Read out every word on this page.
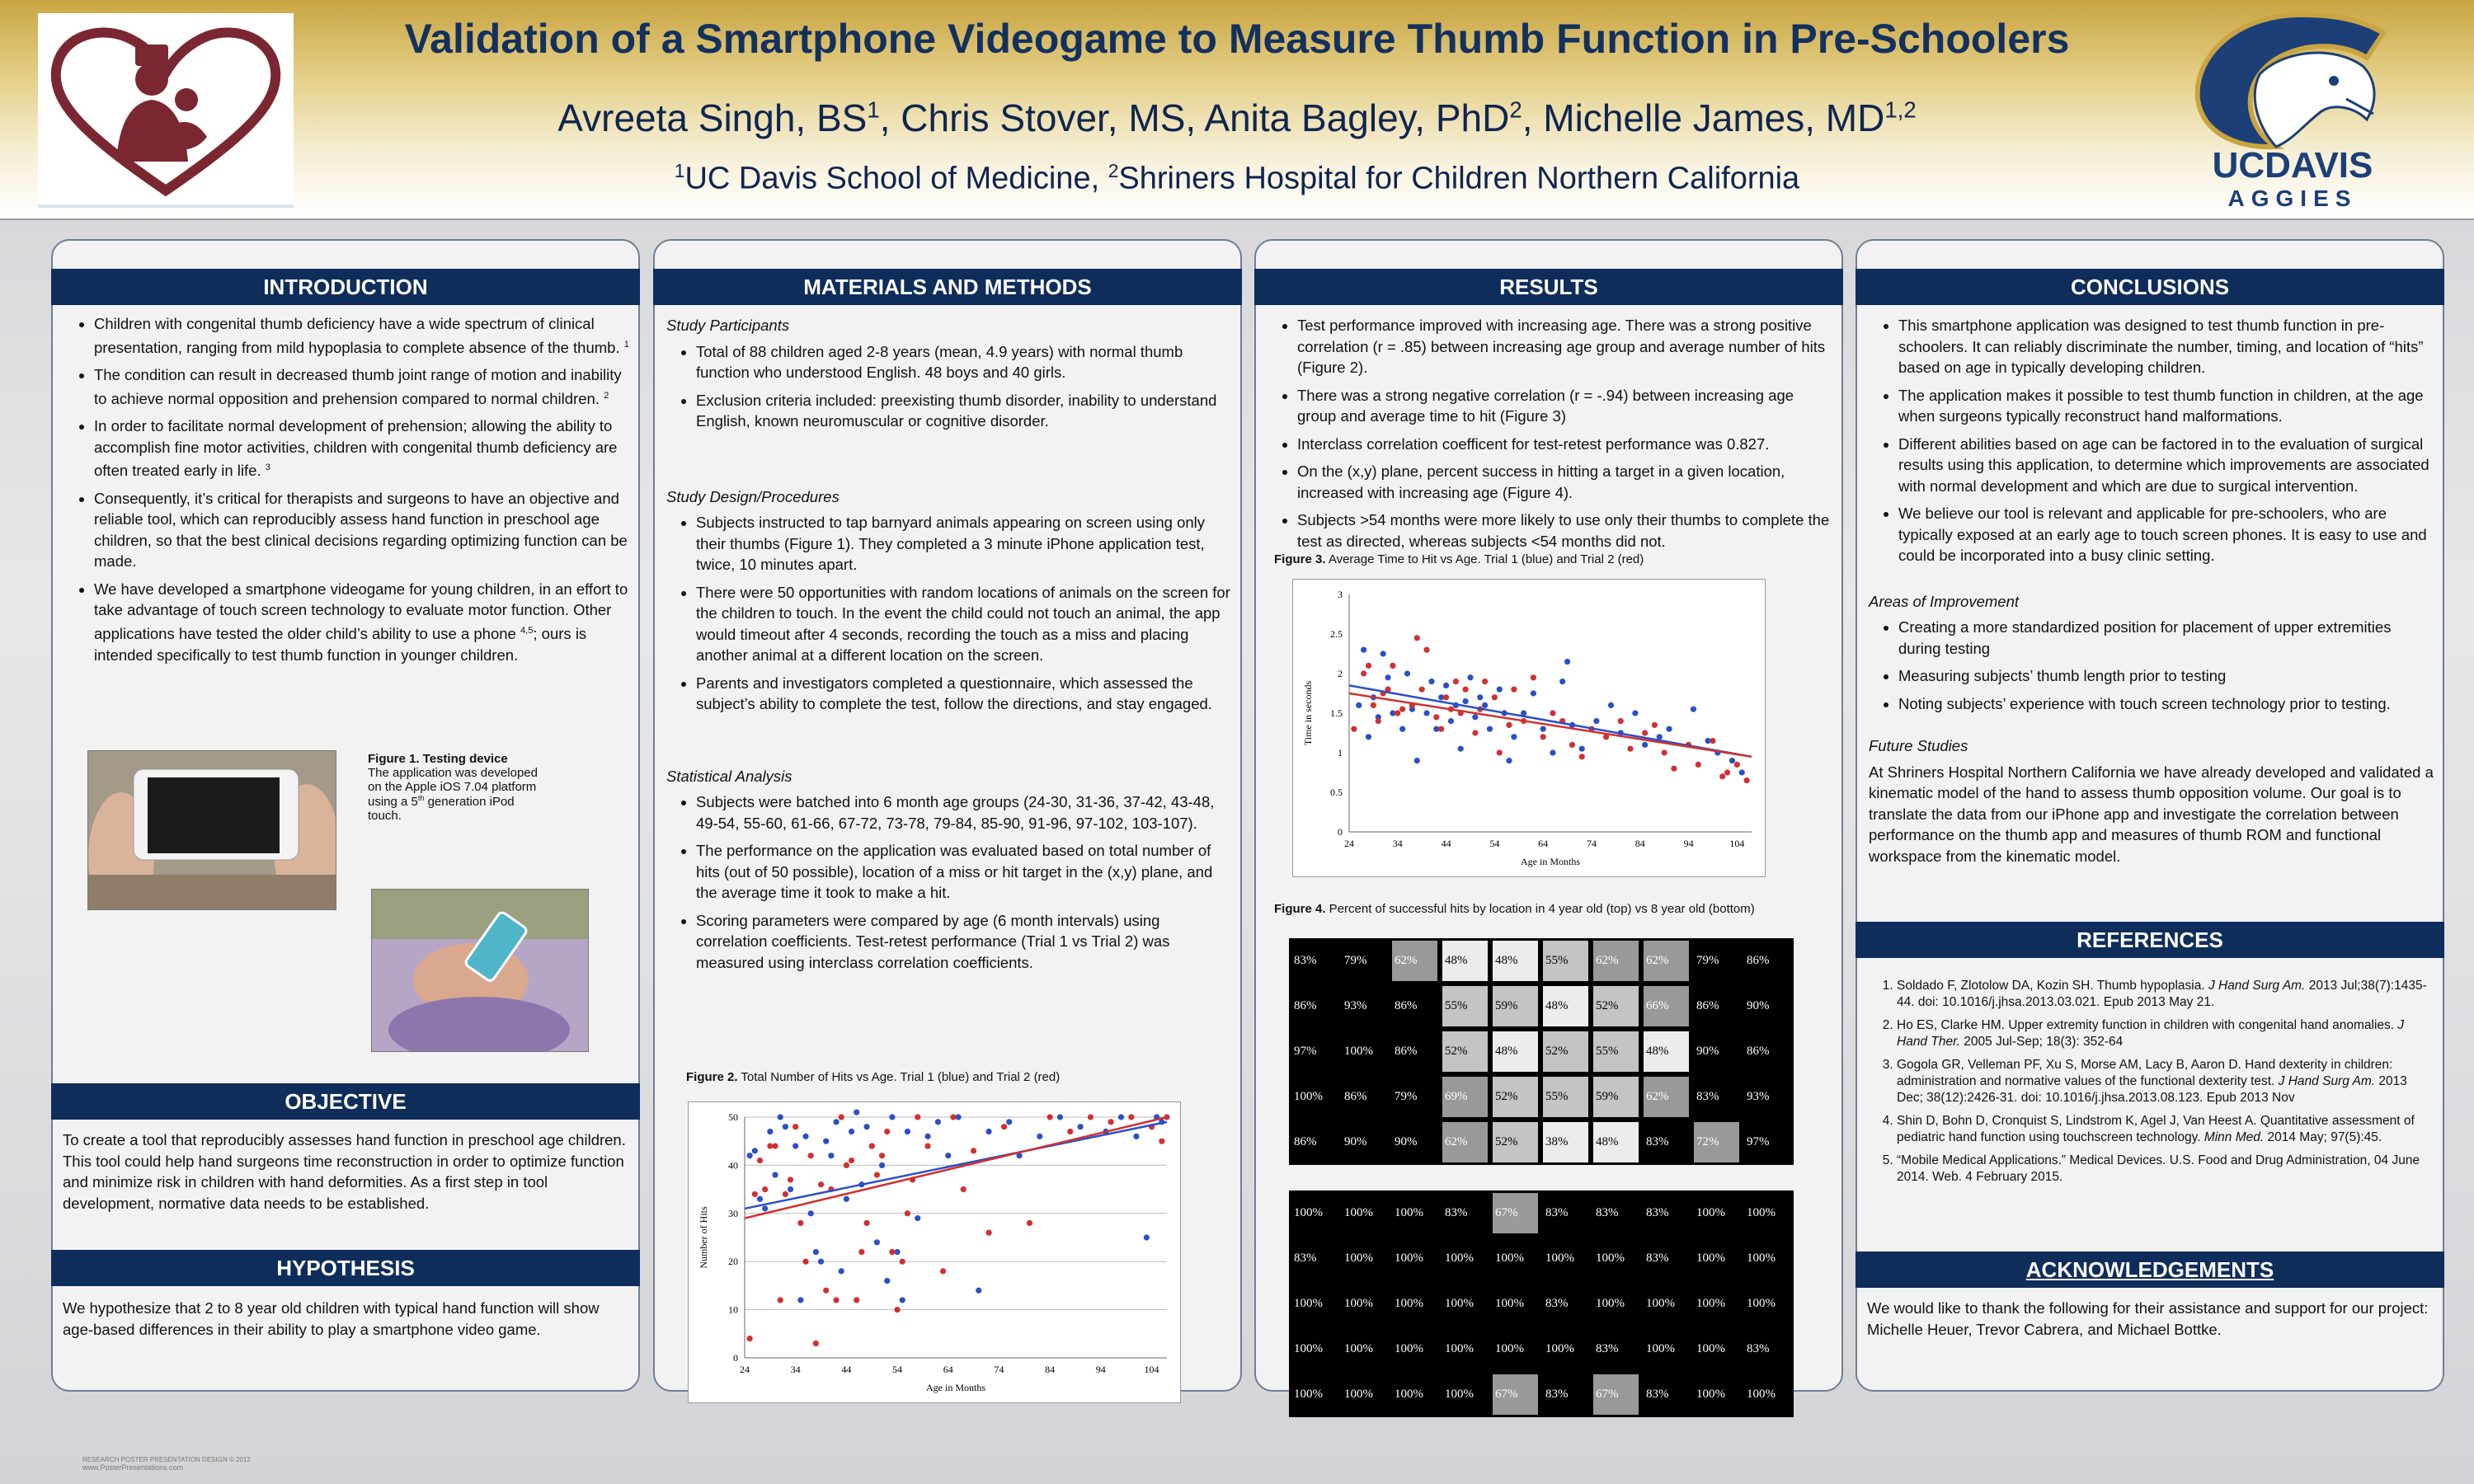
Validation of a Smartphone Videogame to Measure Thumb Function in Pre-Schoolers
Avreeta Singh, $BS^1$, Chris Stover, MS, Anita Bagley, PhD$^2$, Michelle James, MD$^{1,2}$
$^1$UC Davis School of Medicine, $^2$Shriners Hospital for Children Northern California	UCDAVIS
AGGIES
INTRODUCTION
• Children with congenital thumb deficiency have a wide spectrum of clinical presentation, ranging from mild hypoplasia to complete absence of the thumb. $^1$
• The condition can result in decreased thumb joint range of motion and inability to achieve normal opposition and prehension compared to normal children. $^2$
• In order to facilitate normal development of prehension; allowing the ability to accomplish fine motor activities, children with congenital thumb deficiency are often treated early in life. $^3$
• Consequently, it’s critical for therapists and surgeons to have an objective and reliable tool, which can reproducibly assess hand function in preschool age children, so that the best clinical decisions regarding optimizing function can be made.
• We have developed a smartphone videogame for young children, in an effort to take advantage of touch screen technology to evaluate motor function. Other applications have tested the older child’s ability to use a phone $^{4,5}$; ours is intended specifically to test thumb function in younger children.
Figure 1. Testing device
The application was developed on the Apple iOS 7.04 platform using a 5th generation iPod touch.
OBJECTIVE
To create a tool that reproducibly assesses hand function in preschool age children. This tool could help hand surgeons time reconstruction in order to optimize function and minimize risk in children with hand deformities. As a first step in tool development, normative data needs to be established.
HYPOTHESIS
We hypothesize that 2 to 8 year old children with typical hand function will show age-based differences in their ability to play a smartphone video game.
MATERIALS AND METHODS
Study Participants
• Total of 88 children aged 2-8 years (mean, 4.9 years) with normal thumb function who understood English. 48 boys and 40 girls.
• Exclusion criteria included: preexisting thumb disorder, inability to understand English, known neuromuscular or cognitive disorder.
Study Design/Procedures
• Subjects instructed to tap barnyard animals appearing on screen using only their thumbs (Figure 1). They completed a 3 minute iPhone application test, twice, 10 minutes apart.
• There were 50 opportunities with random locations of animals on the screen for the children to touch. In the event the child could not touch an animal, the app would timeout after 4 seconds, recording the touch as a miss and placing another animal at a different location on the screen.
• Parents and investigators completed a questionnaire, which assessed the subject’s ability to complete the test, follow the directions, and stay engaged.
Statistical Analysis
• Subjects were batched into 6 month age groups (24-30, 31-36, 37-42, 43-48, 49-54, 55-60, 61-66, 67-72, 73-78, 79-84, 85-90, 91-96, 97-102, 103-107).
• The performance on the application was evaluated based on total number of hits (out of 50 possible), location of a miss or hit target in the (x,y) plane, and the average time it took to make a hit.
• Scoring parameters were compared by age (6 month intervals) using correlation coefficients. Test-retest performance (Trial 1 vs Trial 2) was measured using interclass correlation coefficients.
Figure 2. Total Number of Hits vs Age. Trial 1 (blue) and Trial 2 (red)
0
10
20
30
40
50
24	34	44	54	64	74	84	94	104
Age in Months
Number of Hits
RESULTS
• Test performance improved with increasing age. There was a strong positive correlation (r = .85) between increasing age group and average number of hits (Figure 2).
• There was a strong negative correlation (r = -.94) between increasing age group and average time to hit (Figure 3)
• Interclass correlation coefficent for test-retest performance was 0.827.
• On the (x,y) plane, percent success in hitting a target in a given location, increased with increasing age (Figure 4).
• Subjects >54 months were more likely to use only their thumbs to complete the test as directed, whereas subjects <54 months did not.
Figure 3. Average Time to Hit vs Age. Trial 1 (blue) and Trial 2 (red)
0
0.5
1
1.5
2
2.5
3
24	34	44	54	64	74	84	94	104
Age in Months
Time in seconds
Figure 4. Percent of successful hits by location in 4 year old (top) vs 8 year old (bottom)
83%	79%	62%	48%	48%	55%	62%	62%	79%	86%
86%	93%	86%	55%	59%	48%	52%	66%	86%	90%
97%	100%	86%	52%	48%	52%	55%	48%	90%	86%
100%	86%	79%	69%	52%	55%	59%	62%	83%	93%
86%	90%	90%	62%	52%	38%	48%	83%	72%	97%
100%	100%	100%	83%	67%	83%	83%	83%	100%	100%
83%	100%	100%	100%	100%	100%	100%	83%	100%	100%
100%	100%	100%	100%	100%	83%	100%	100%	100%	100%
100%	100%	100%	100%	100%	100%	83%	100%	100%	83%
100%	100%	100%	100%	67%	83%	67%	83%	100%	100%
CONCLUSIONS
• This smartphone application was designed to test thumb function in pre-schoolers. It can reliably discriminate the number, timing, and location of “hits” based on age in typically developing children.
• The application makes it possible to test thumb function in children, at the age when surgeons typically reconstruct hand malformations.
• Different abilities based on age can be factored in to the evaluation of surgical results using this application, to determine which improvements are associated with normal development and which are due to surgical intervention.
• We believe our tool is relevant and applicable for pre-schoolers, who are typically exposed at an early age to touch screen phones. It is easy to use and could be incorporated into a busy clinic setting.
Areas of Improvement
• Creating a more standardized position for placement of upper extremities during testing
• Measuring subjects’ thumb length prior to testing
• Noting subjects’ experience with touch screen technology prior to testing.
Future Studies
At Shriners Hospital Northern California we have already developed and validated a kinematic model of the hand to assess thumb opposition volume. Our goal is to translate the data from our iPhone app and investigate the correlation between performance on the thumb app and measures of thumb ROM and functional workspace from the kinematic model.
REFERENCES
1. Soldado F, Zlotolow DA, Kozin SH. Thumb hypoplasia. J Hand Surg Am. 2013 Jul;38(7):1435-44. doi: 10.1016/j.jhsa.2013.03.021. Epub 2013 May 21.
2. Ho ES, Clarke HM. Upper extremity function in children with congenital hand anomalies. J Hand Ther. 2005 Jul-Sep; 18(3): 352-64
3. Gogola GR, Velleman PF, Xu S, Morse AM, Lacy B, Aaron D. Hand dexterity in children: administration and normative values of the functional dexterity test. J Hand Surg Am. 2013 Dec; 38(12):2426-31. doi: 10.1016/j.jhsa.2013.08.123. Epub 2013 Nov
4. Shin D, Bohn D, Cronquist S, Lindstrom K, Agel J, Van Heest A. Quantitative assessment of pediatric hand function using touchscreen technology. Minn Med. 2014 May; 97(5):45.
5. “Mobile Medical Applications.” Medical Devices. U.S. Food and Drug Administration, 04 June 2014. Web. 4 February 2015.
ACKNOWLEDGEMENTS
We would like to thank the following for their assistance and support for our project: Michelle Heuer, Trevor Cabrera, and Michael Bottke.
RESEARCH POSTER PRESENTATION DESIGN © 2012
www.PosterPresentations.com
